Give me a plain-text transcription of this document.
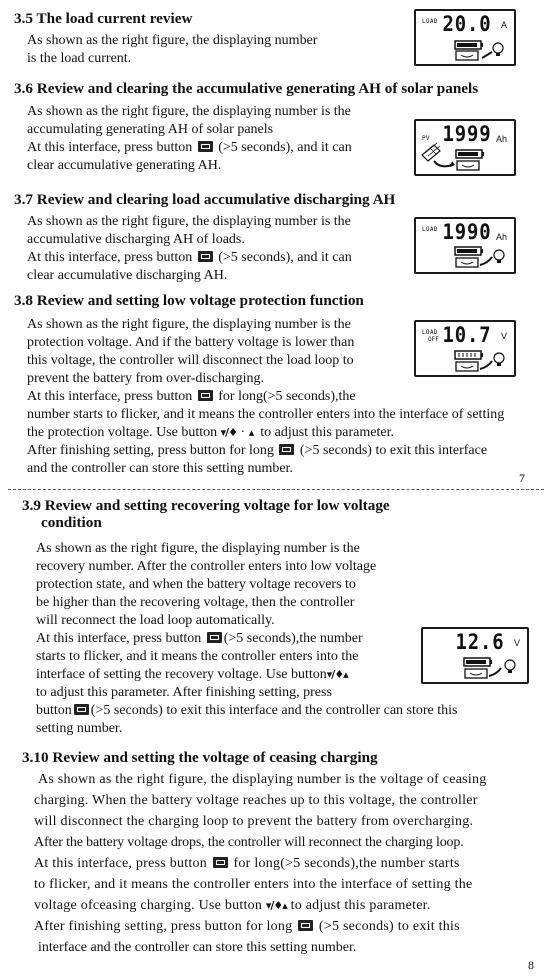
3.5 The load current review
As shown as the right figure, the displaying number
is the load current.
LOAD 20.0 A
3.6 Review and clearing the accumulative generating AH of solar panels
As shown as the right figure, the displaying number is the
accumulating generating AH of solar panels
At this interface, press button (>5 seconds), and it can
clear accumulative generating AH.
PV 1999 Ah
3.7 Review and clearing load accumulative discharging AH
As shown as the right figure, the displaying number is the
accumulative discharging AH of loads.
At this interface, press button (>5 seconds), and it can
clear accumulative discharging AH.
LOAD 1990 Ah
3.8 Review and setting low voltage protection function
As shown as the right figure, the displaying number is the
protection voltage. And if the battery voltage is lower than
this voltage, the controller will disconnect the load loop to
prevent the battery from over-discharging.
At this interface, press button for long(>5 seconds),the
number starts to flicker, and it means the controller enters into the interface of setting
the protection voltage. Use button ▾/♦ · ▴ to adjust this parameter.
After finishing setting, press button for long (>5 seconds) to exit this interface
and the controller can store this setting number.
LOAD
OFF 10.7 V
7
3.9 Review and setting recovering voltage for low voltage
condition
As shown as the right figure, the displaying number is the
recovery number. After the controller enters into low voltage
protection state, and when the battery voltage recovers to
be higher than the recovering voltage, then the controller
will reconnect the load loop automatically.
At this interface, press button (>5 seconds),the number
starts to flicker, and it means the controller enters into the
interface of setting the recovery voltage. Use button▾/♦▴
to adjust this parameter. After finishing setting, press
button (>5 seconds) to exit this interface and the controller can store this
setting number.
12.6 V
3.10 Review and setting the voltage of ceasing charging
As shown as the right figure, the displaying number is the voltage of ceasing
charging. When the battery voltage reaches up to this voltage, the controller
will disconnect the charging loop to prevent the battery from overcharging.
After the battery voltage drops, the controller will reconnect the charging loop.
At this interface, press button for long(>5 seconds),the number starts
to flicker, and it means the controller enters into the interface of setting the
voltage ofceasing charging. Use button ▾/♦▴ to adjust this parameter.
After finishing setting, press button for long (>5 seconds) to exit this
interface and the controller can store this setting number.
8
